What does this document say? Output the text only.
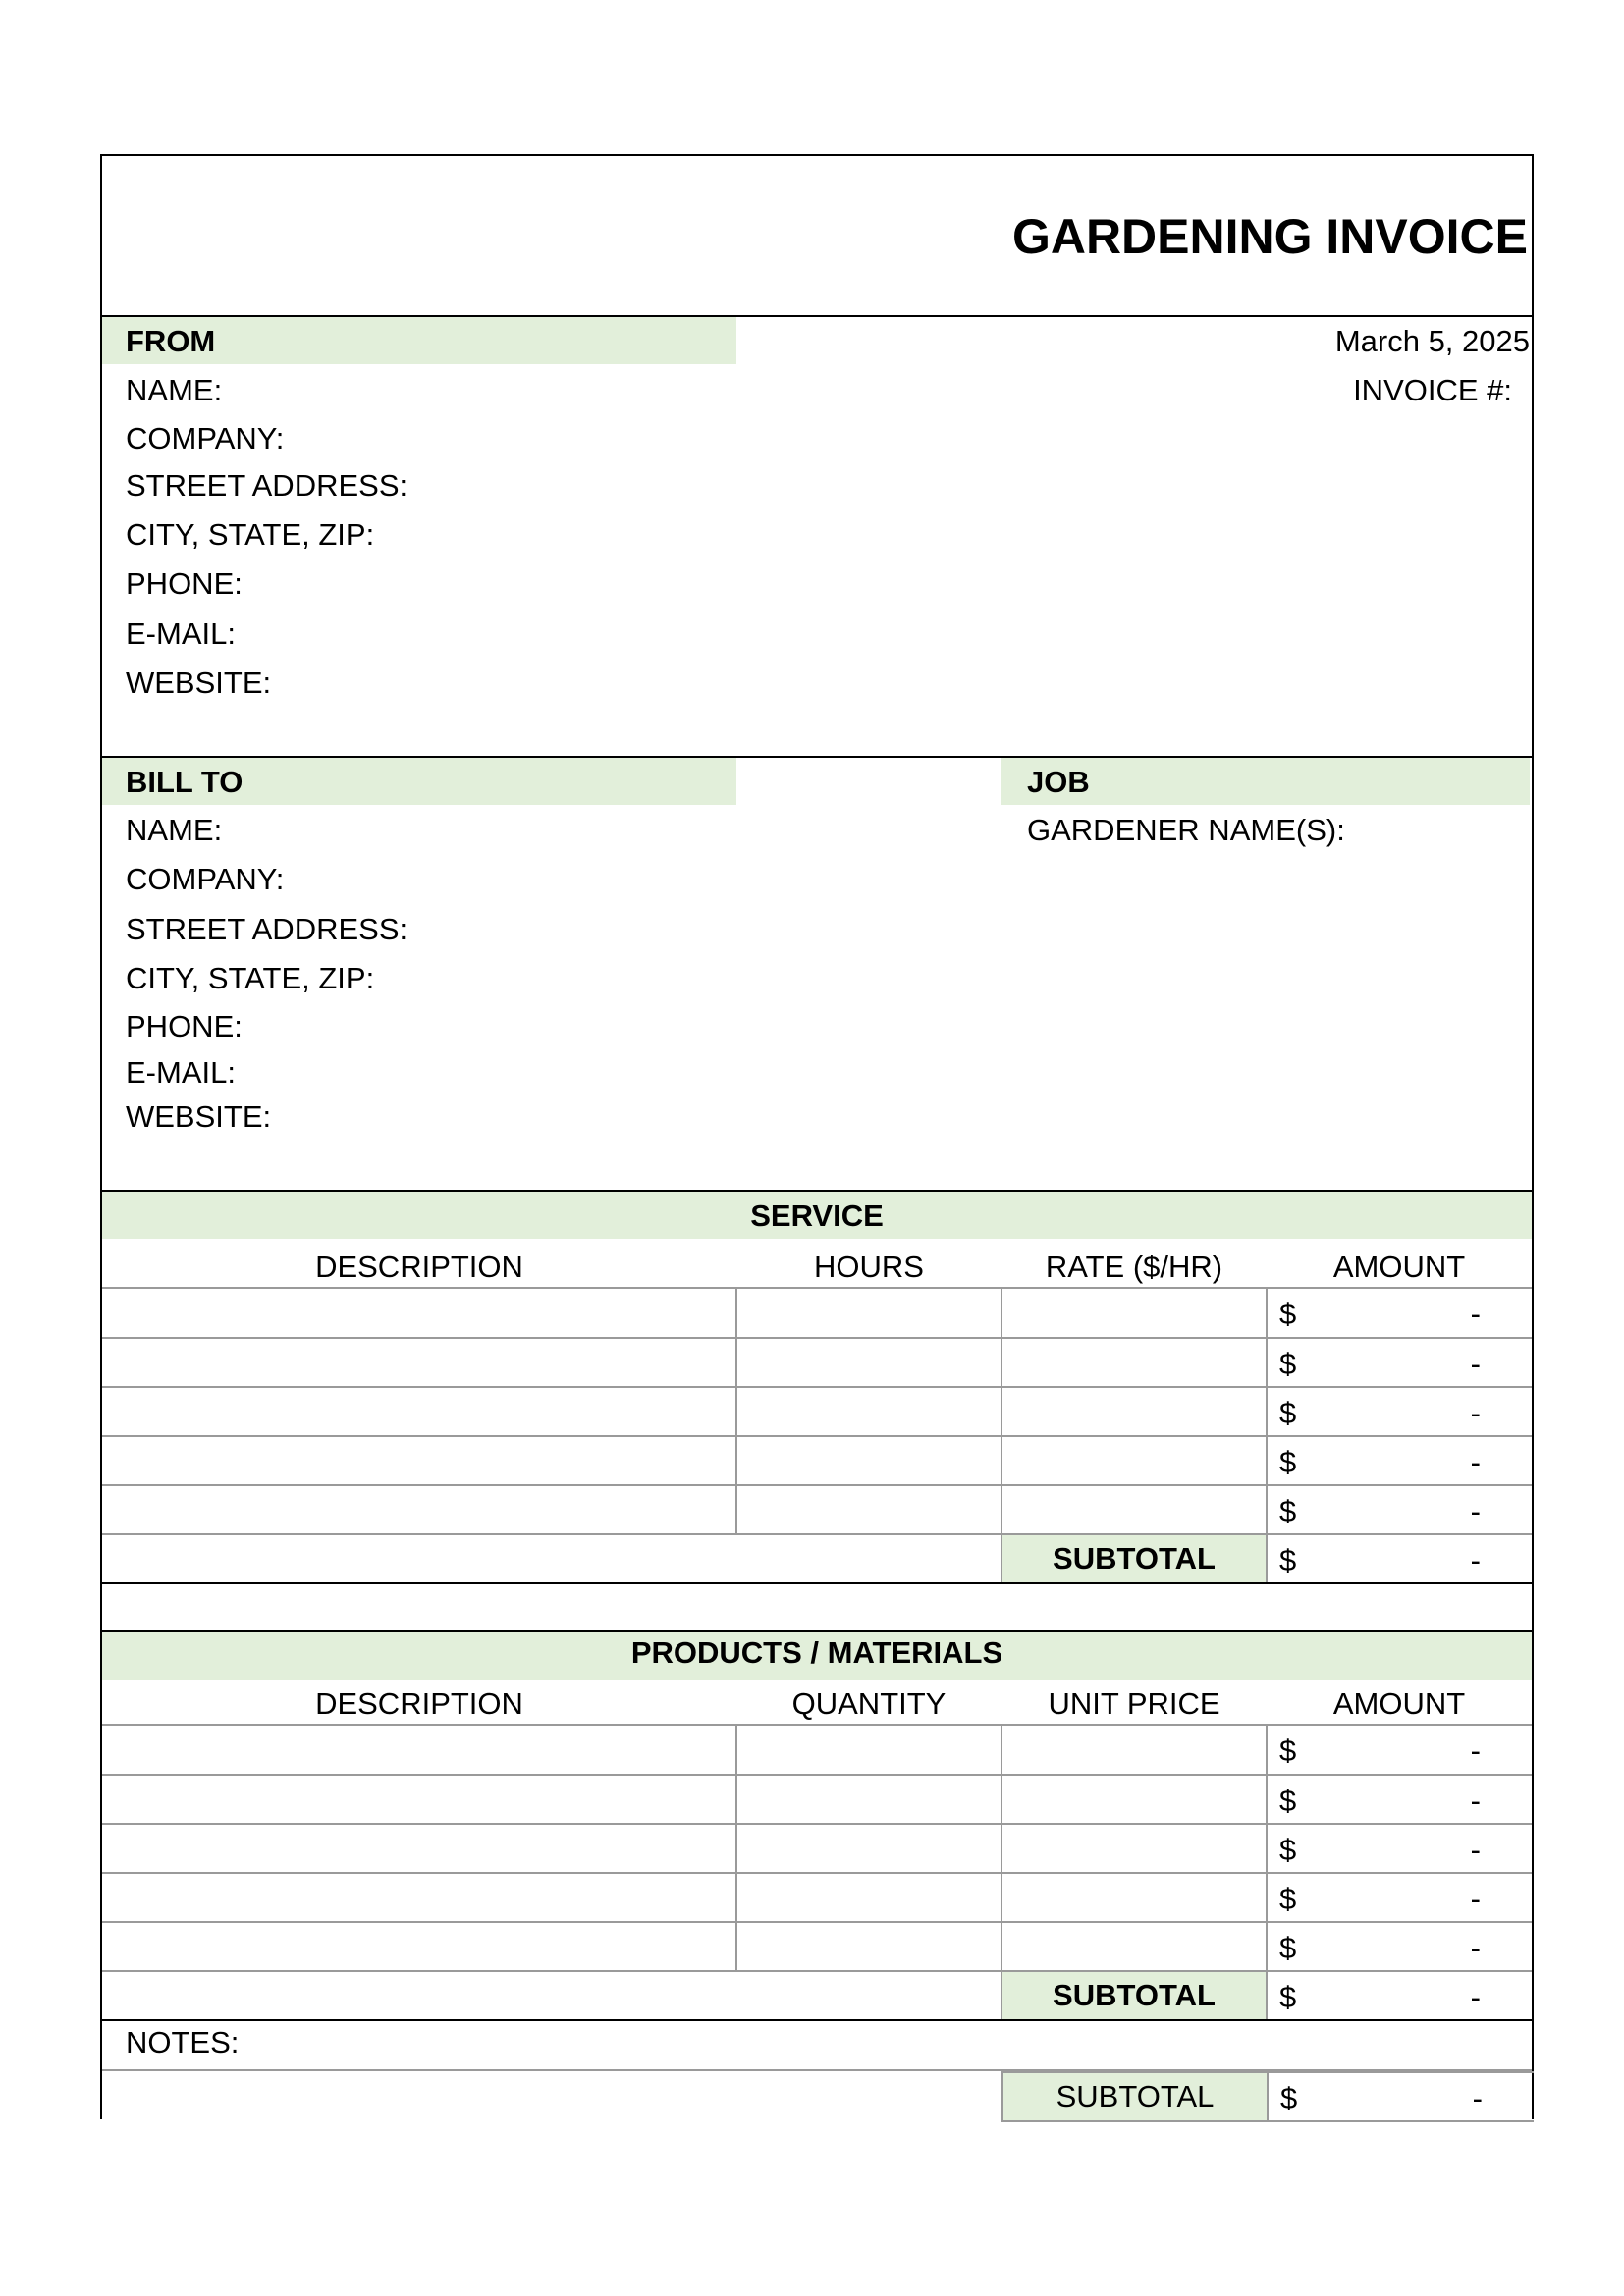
GARDENING INVOICE
FROM	March 5, 2025
INVOICE #:
NAME:
COMPANY:
STREET ADDRESS:
CITY, STATE, ZIP:
PHONE:
E-MAIL:
WEBSITE:
BILL TO	JOB
GARDENER NAME(S):
NAME:
COMPANY:
STREET ADDRESS:
CITY, STATE, ZIP:
PHONE:
E-MAIL:
WEBSITE:
SERVICE
DESCRIPTION	HOURS	RATE ($/HR)	AMOUNT

			$ -

			$ -

			$ -

			$ -

			$ -

		SUBTOTAL	$ -
PRODUCTS / MATERIALS
DESCRIPTION	QUANTITY	UNIT PRICE	AMOUNT

			$ -

			$ -

			$ -

			$ -

			$ -

		SUBTOTAL	$ -
NOTES:
SUBTOTAL	$	-
